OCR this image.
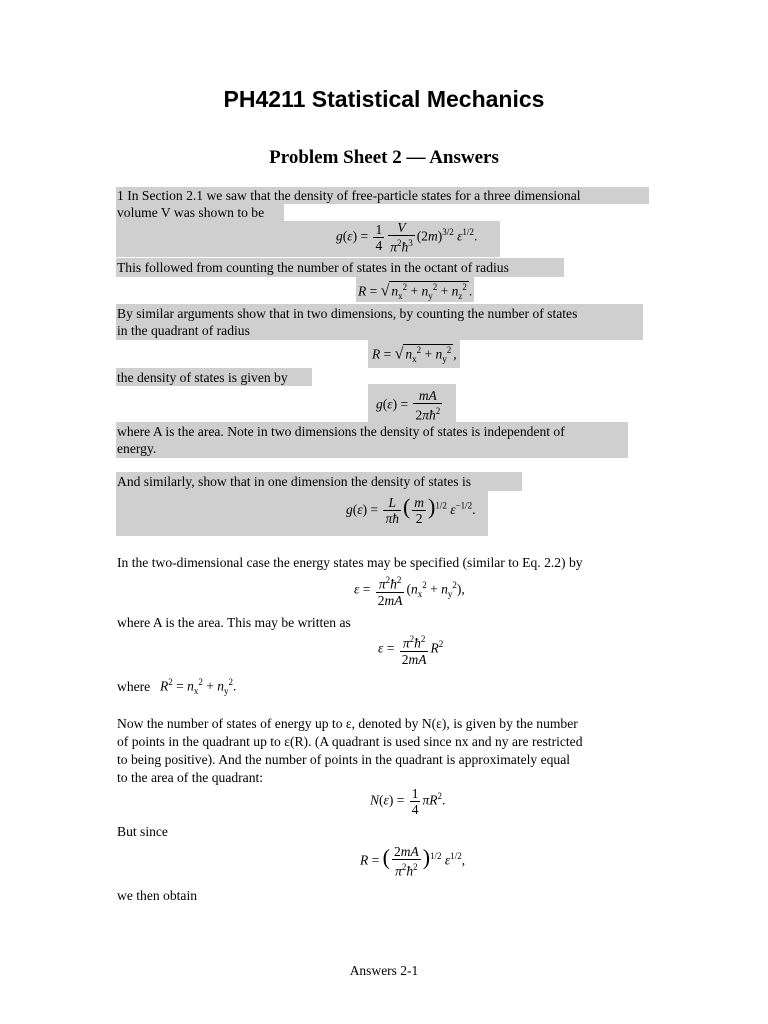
PH4211 Statistical Mechanics
Problem Sheet 2 — Answers
1 In Section 2.1 we saw that the density of free-particle states for a three dimensional
volume V was shown to be
$g(\varepsilon) = \frac{1}{4} \frac{V}{\pi^2ħ^3} (2m)^{3/2}$ $\varepsilon^{1/2}$.
This followed from counting the number of states in the octant of radius
R = √ $n_x^2 + n_y^2 + n_z^2$ .
By similar arguments show that in two dimensions, by counting the number of states
in the quadrant of radius
R = √ $n_x^2 + n_y^2$ ,
the density of states is given by
$g(\varepsilon) = \frac{mA}{2\pi ħ^2}$
where A is the area. Note in two dimensions the density of states is independent of
energy.
And similarly, show that in one dimension the density of states is
$g(\varepsilon) = \frac{L}{\pi ħ}$ ( $\frac{m}{2} )^{1/2}$ $\varepsilon^{-1/2}$.
In the two-dimensional case the energy states may be specified (similar to Eq. 2.2) by
$\varepsilon = \frac{\pi^2ħ^2}{2mA} (n_x^2 + n_y^2)$,
where A is the area. This may be written as
$\varepsilon = \frac{\pi^2ħ^2}{2mA} R^2$
where $R^2 = n_x^2 + n_y^2$.
Now the number of states of energy up to ε, denoted by N(ε), is given by the number
of points in the quadrant up to ε(R). (A quadrant is used since nx and ny are restricted
to being positive). And the number of points in the quadrant is approximately equal
to the area of the quadrant:
$N(\varepsilon) = \frac{1}{4} \pi R^2$.
But since
R = ( $\frac{2mA}{\pi^2ħ^2} )^{1/2}$ $\varepsilon^{1/2}$,
we then obtain
Answers 2-1
